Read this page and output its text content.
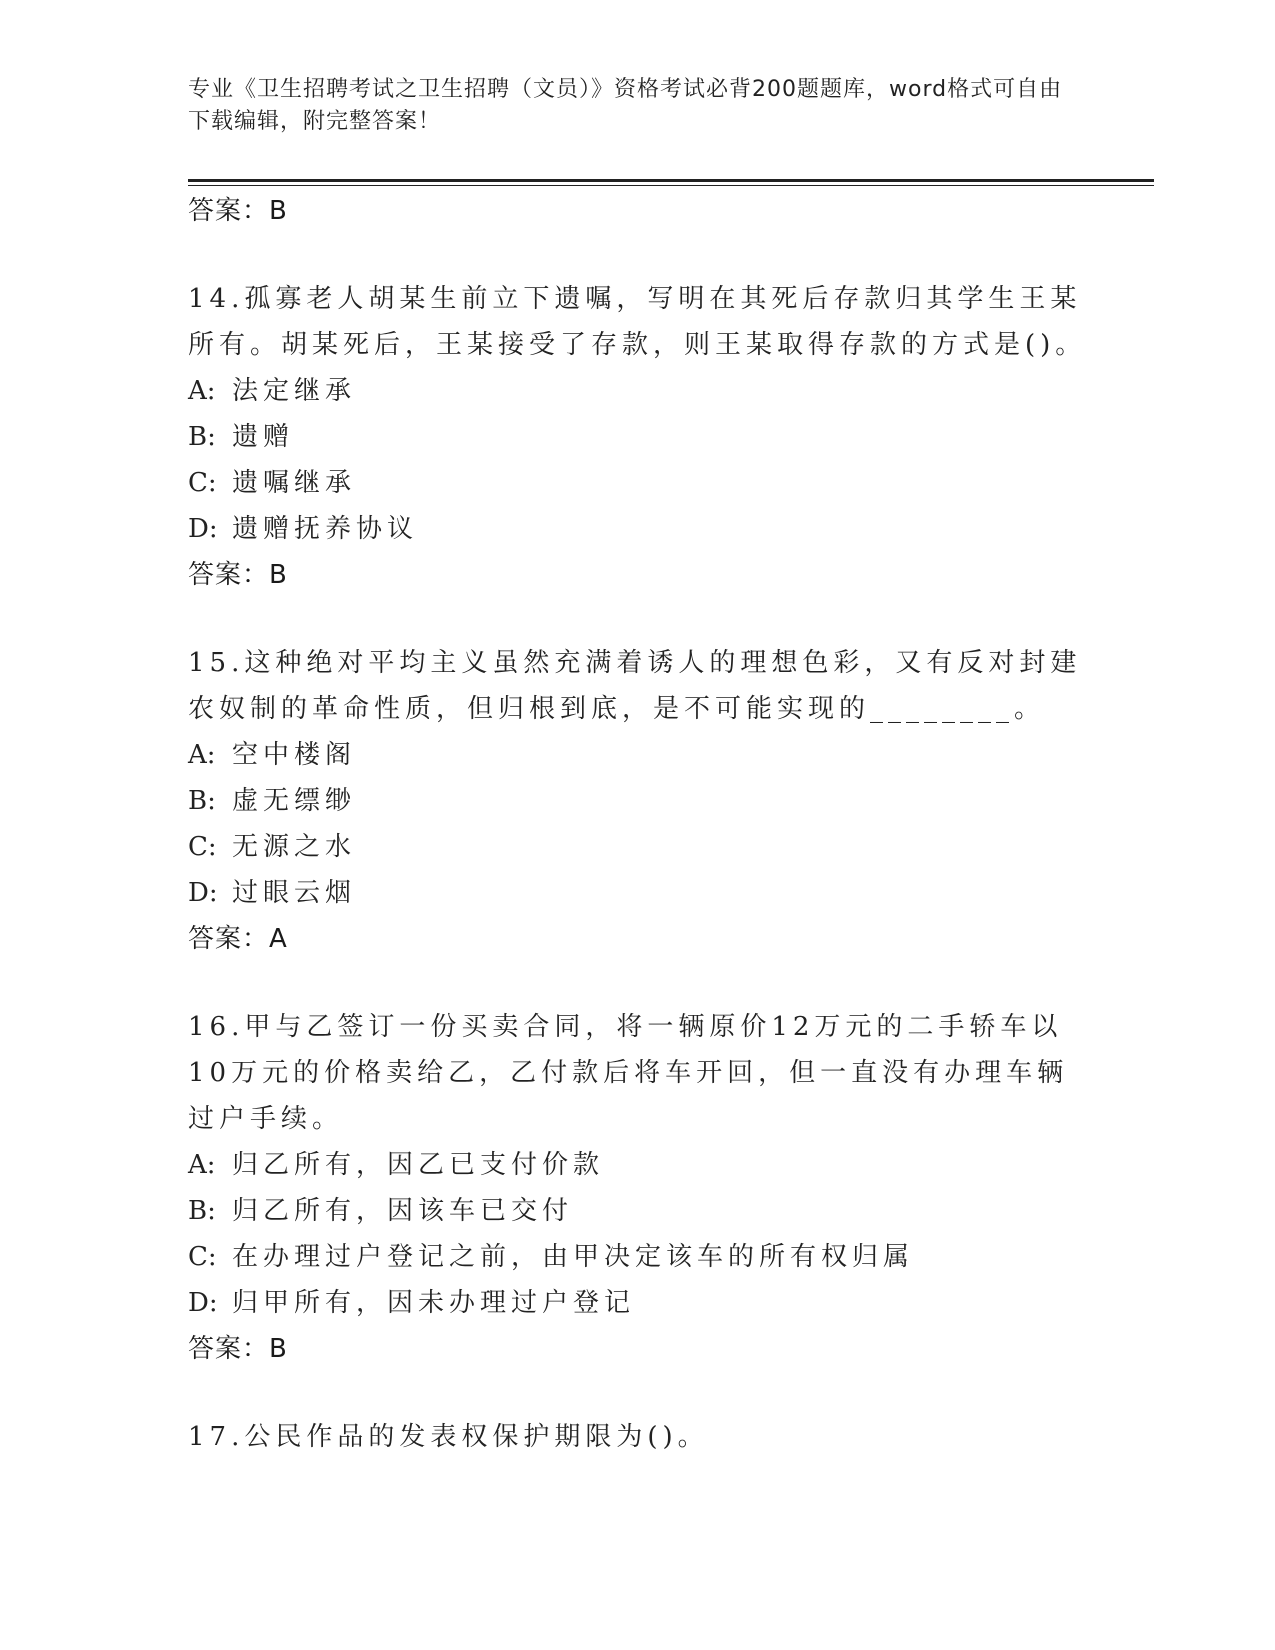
专业《卫生招聘考试之卫生招聘（文员）》资格考试必背200题题库，word格式可自由下载编辑，附完整答案！
答案：B
14.孤寡老人胡某生前立下遗嘱，写明在其死后存款归其学生王某所有。胡某死后，王某接受了存款，则王某取得存款的方式是()。
A: 法定继承
B: 遗赠
C: 遗嘱继承
D: 遗赠抚养协议
答案：B
15.这种绝对平均主义虽然充满着诱人的理想色彩，又有反对封建农奴制的革命性质，但归根到底，是不可能实现的________。
A: 空中楼阁
B: 虚无缥缈
C: 无源之水
D: 过眼云烟
答案：A
16.甲与乙签订一份买卖合同，将一辆原价12万元的二手轿车以10万元的价格卖给乙，乙付款后将车开回，但一直没有办理车辆过户手续。
A: 归乙所有，因乙已支付价款
B: 归乙所有，因该车已交付
C: 在办理过户登记之前，由甲决定该车的所有权归属
D: 归甲所有，因未办理过户登记
答案：B
17.公民作品的发表权保护期限为()。
